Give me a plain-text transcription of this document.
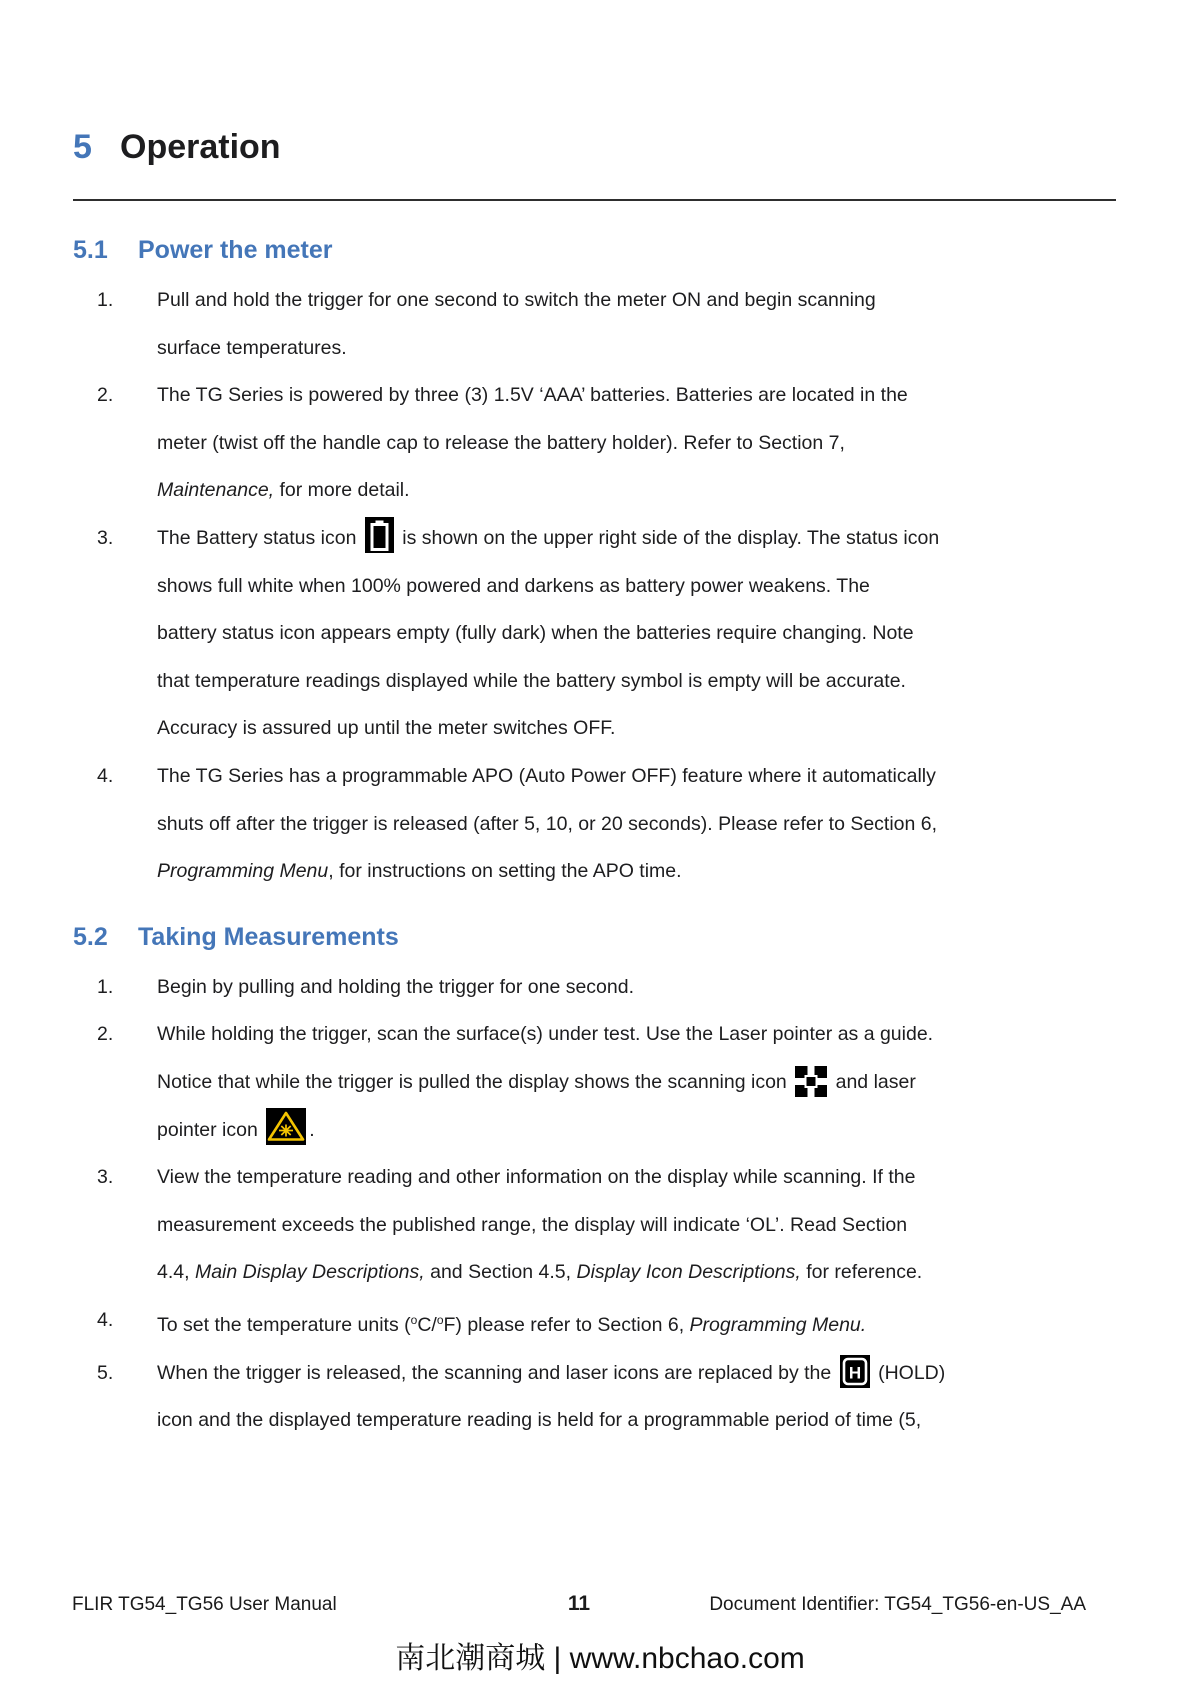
5 Operation
5.1	Power the meter
1.	Pull and hold the trigger for one second to switch the meter ON and begin scanning
surface temperatures.
2.	The TG Series is powered by three (3) 1.5V ‘AAA’ batteries. Batteries are located in the
meter (twist off the handle cap to release the battery holder). Refer to Section 7,
Maintenance, for more detail.
3.	The Battery status icon  is shown on the upper right side of the display. The status icon
shows full white when 100% powered and darkens as battery power weakens. The
battery status icon appears empty (fully dark) when the batteries require changing. Note
that temperature readings displayed while the battery symbol is empty will be accurate.
Accuracy is assured up until the meter switches OFF.
4.	The TG Series has a programmable APO (Auto Power OFF) feature where it automatically
shuts off after the trigger is released (after 5, 10, or 20 seconds). Please refer to Section 6,
Programming Menu, for instructions on setting the APO time.
5.2	Taking Measurements
1.	Begin by pulling and holding the trigger for one second.
2.	While holding the trigger, scan the surface(s) under test. Use the Laser pointer as a guide.
Notice that while the trigger is pulled the display shows the scanning icon  and laser
pointer icon .
3.	View the temperature reading and other information on the display while scanning. If the
measurement exceeds the published range, the display will indicate ‘OL’. Read Section
4.4, Main Display Descriptions, and Section 4.5, Display Icon Descriptions, for reference.
4.	To set the temperature units ($^o$C/$^o$F) please refer to Section 6, Programming Menu.
5.	When the trigger is released, the scanning and laser icons are replaced by the H (HOLD)
icon and the displayed temperature reading is held for a programmable period of time (5,
FLIR TG54_TG56 User Manual	11	Document Identifier: TG54_TG56-en-US_AA
南北潮商城 | www.nbchao.com
